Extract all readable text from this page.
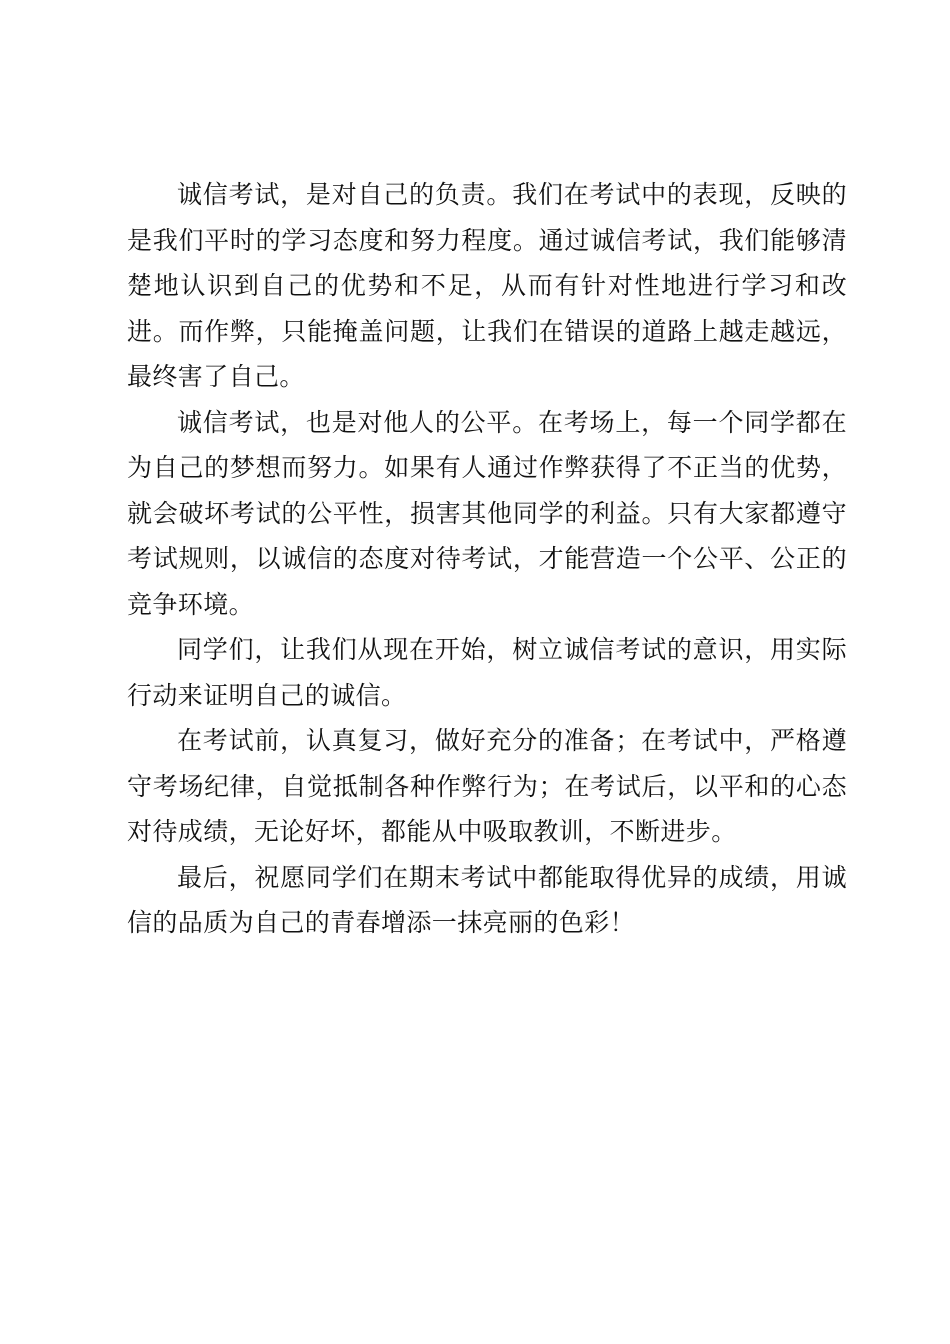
诚信考试，是对自己的负责。我们在考试中的表现，反映的是我们平时的学习态度和努力程度。通过诚信考试，我们能够清楚地认识到自己的优势和不足，从而有针对性地进行学习和改进。而作弊，只能掩盖问题，让我们在错误的道路上越走越远，最终害了自己。

诚信考试，也是对他人的公平。在考场上，每一个同学都在为自己的梦想而努力。如果有人通过作弊获得了不正当的优势，就会破坏考试的公平性，损害其他同学的利益。只有大家都遵守考试规则，以诚信的态度对待考试，才能营造一个公平、公正的竞争环境。

同学们，让我们从现在开始，树立诚信考试的意识，用实际行动来证明自己的诚信。

在考试前，认真复习，做好充分的准备；在考试中，严格遵守考场纪律，自觉抵制各种作弊行为；在考试后，以平和的心态对待成绩，无论好坏，都能从中吸取教训，不断进步。

最后，祝愿同学们在期末考试中都能取得优异的成绩，用诚信的品质为自己的青春增添一抹亮丽的色彩！
